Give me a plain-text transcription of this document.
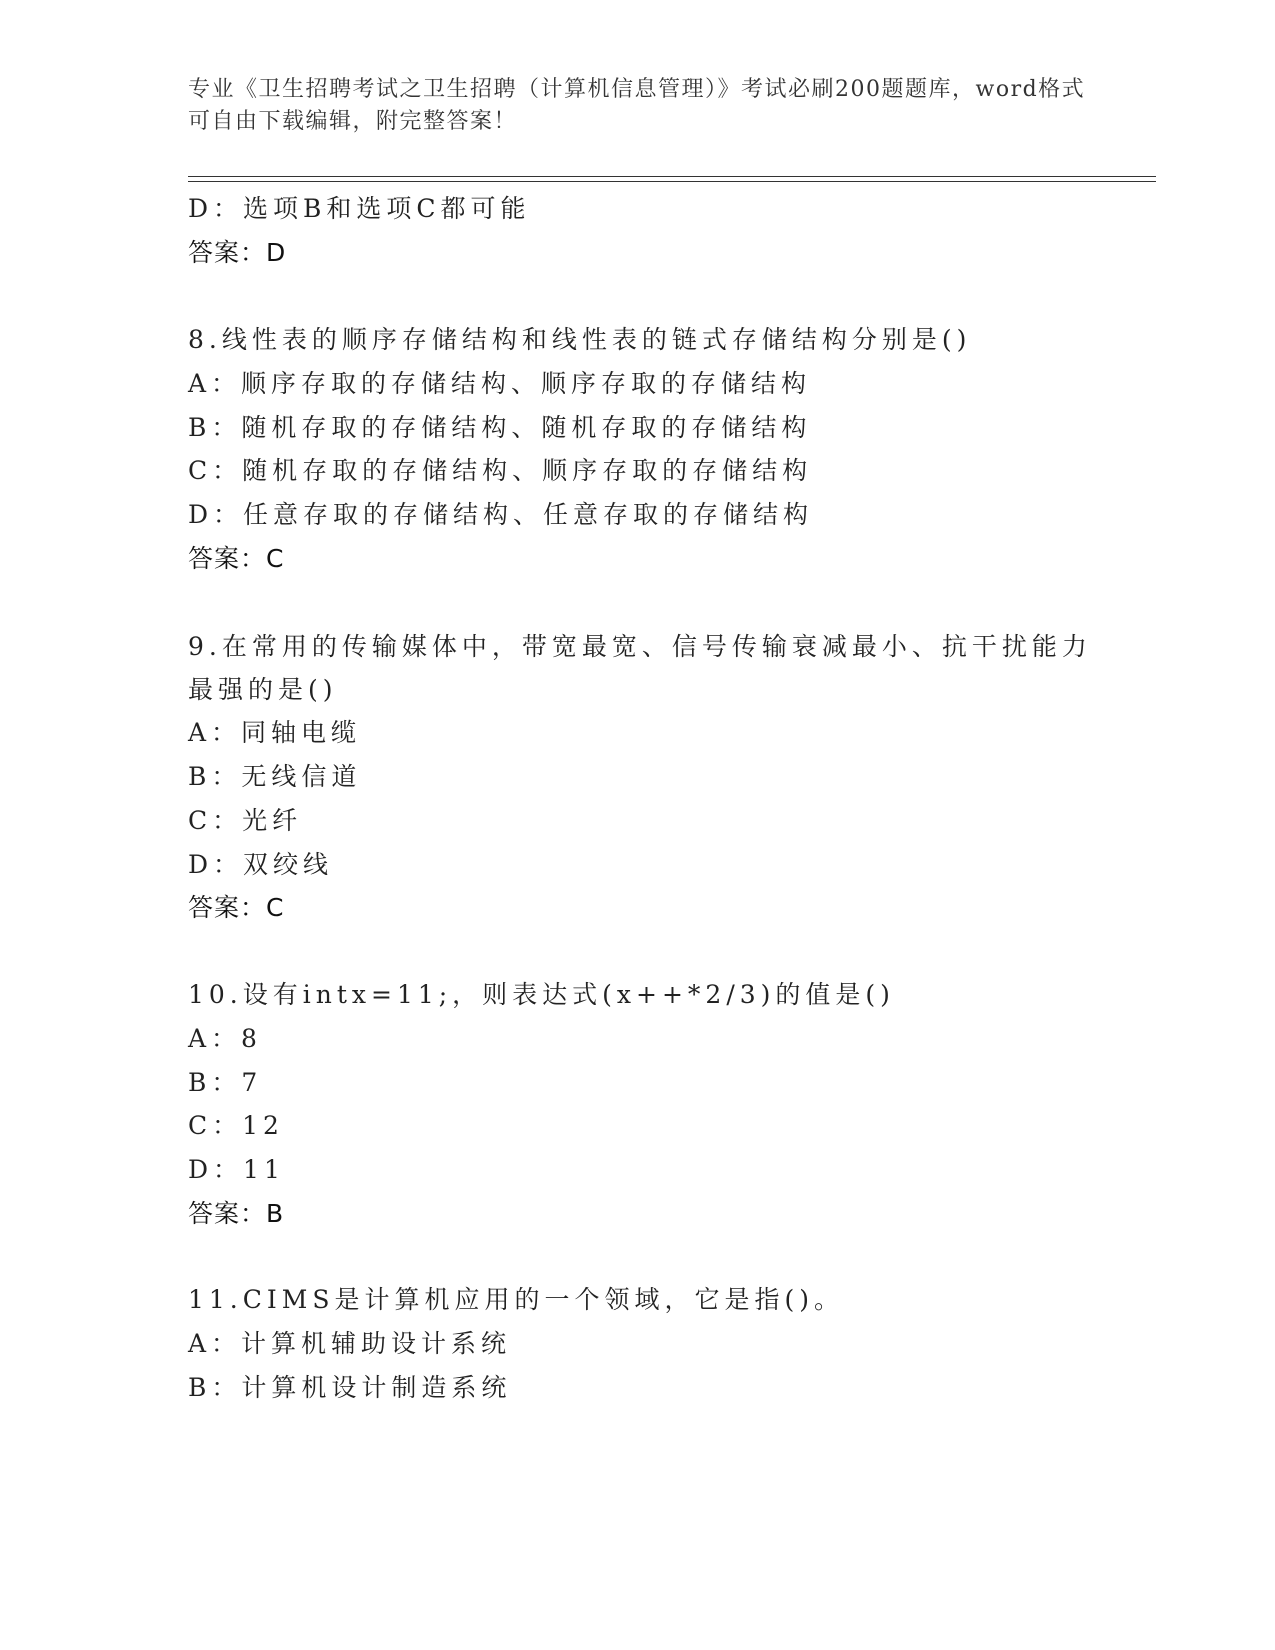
专业《卫生招聘考试之卫生招聘（计算机信息管理）》考试必刷200题题库，word格式可自由下载编辑，附完整答案！
D：选项B和选项C都可能
答案：D
8.线性表的顺序存储结构和线性表的链式存储结构分别是()
A：顺序存取的存储结构、顺序存取的存储结构
B：随机存取的存储结构、随机存取的存储结构
C：随机存取的存储结构、顺序存取的存储结构
D：任意存取的存储结构、任意存取的存储结构
答案：C
9.在常用的传输媒体中，带宽最宽、信号传输衰减最小、抗干扰能力
最强的是()
A：同轴电缆
B：无线信道
C：光纤
D：双绞线
答案：C
10.设有intx=11;，则表达式(x++*2/3)的值是()
A：8
B：7
C：12
D：11
答案：B
11.CIMS是计算机应用的一个领域，它是指()。
A：计算机辅助设计系统
B：计算机设计制造系统
